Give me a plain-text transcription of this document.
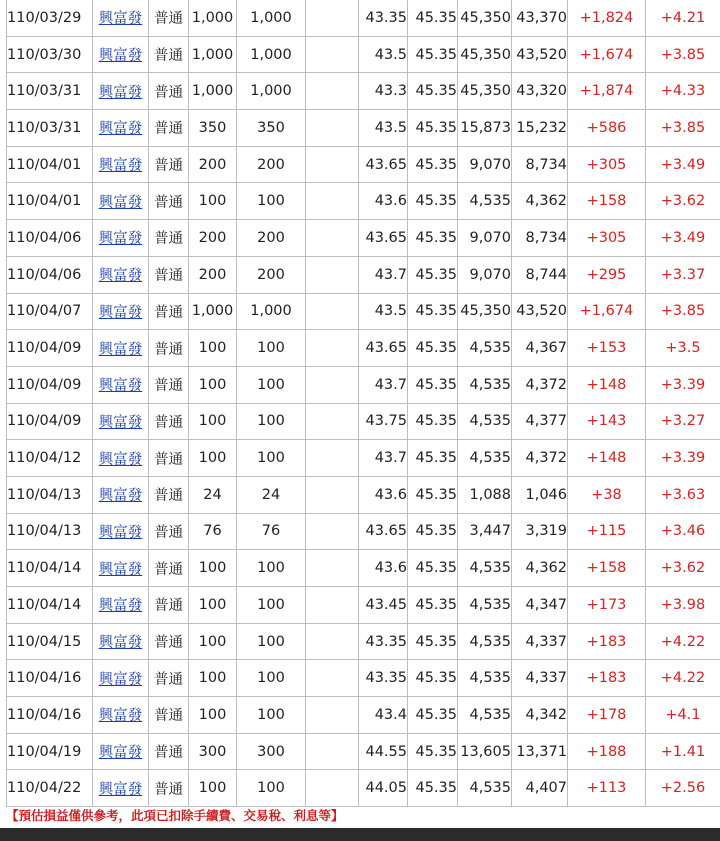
110/03/29	興富發	普通	1,000	1,000		43.35	45.35	45,350	43,370	+1,824	+4.21
110/03/30	興富發	普通	1,000	1,000		43.5	45.35	45,350	43,520	+1,674	+3.85
110/03/31	興富發	普通	1,000	1,000		43.3	45.35	45,350	43,320	+1,874	+4.33
110/03/31	興富發	普通	350	350		43.5	45.35	15,873	15,232	+586	+3.85
110/04/01	興富發	普通	200	200		43.65	45.35	9,070	8,734	+305	+3.49
110/04/01	興富發	普通	100	100		43.6	45.35	4,535	4,362	+158	+3.62
110/04/06	興富發	普通	200	200		43.65	45.35	9,070	8,734	+305	+3.49
110/04/06	興富發	普通	200	200		43.7	45.35	9,070	8,744	+295	+3.37
110/04/07	興富發	普通	1,000	1,000		43.5	45.35	45,350	43,520	+1,674	+3.85
110/04/09	興富發	普通	100	100		43.65	45.35	4,535	4,367	+153	+3.5
110/04/09	興富發	普通	100	100		43.7	45.35	4,535	4,372	+148	+3.39
110/04/09	興富發	普通	100	100		43.75	45.35	4,535	4,377	+143	+3.27
110/04/12	興富發	普通	100	100		43.7	45.35	4,535	4,372	+148	+3.39
110/04/13	興富發	普通	24	24		43.6	45.35	1,088	1,046	+38	+3.63
110/04/13	興富發	普通	76	76		43.65	45.35	3,447	3,319	+115	+3.46
110/04/14	興富發	普通	100	100		43.6	45.35	4,535	4,362	+158	+3.62
110/04/14	興富發	普通	100	100		43.45	45.35	4,535	4,347	+173	+3.98
110/04/15	興富發	普通	100	100		43.35	45.35	4,535	4,337	+183	+4.22
110/04/16	興富發	普通	100	100		43.35	45.35	4,535	4,337	+183	+4.22
110/04/16	興富發	普通	100	100		43.4	45.35	4,535	4,342	+178	+4.1
110/04/19	興富發	普通	300	300		44.55	45.35	13,605	13,371	+188	+1.41
110/04/22	興富發	普通	100	100		44.05	45.35	4,535	4,407	+113	+2.56
【預估損益僅供參考，此項已扣除手續費、交易稅、利息等】
